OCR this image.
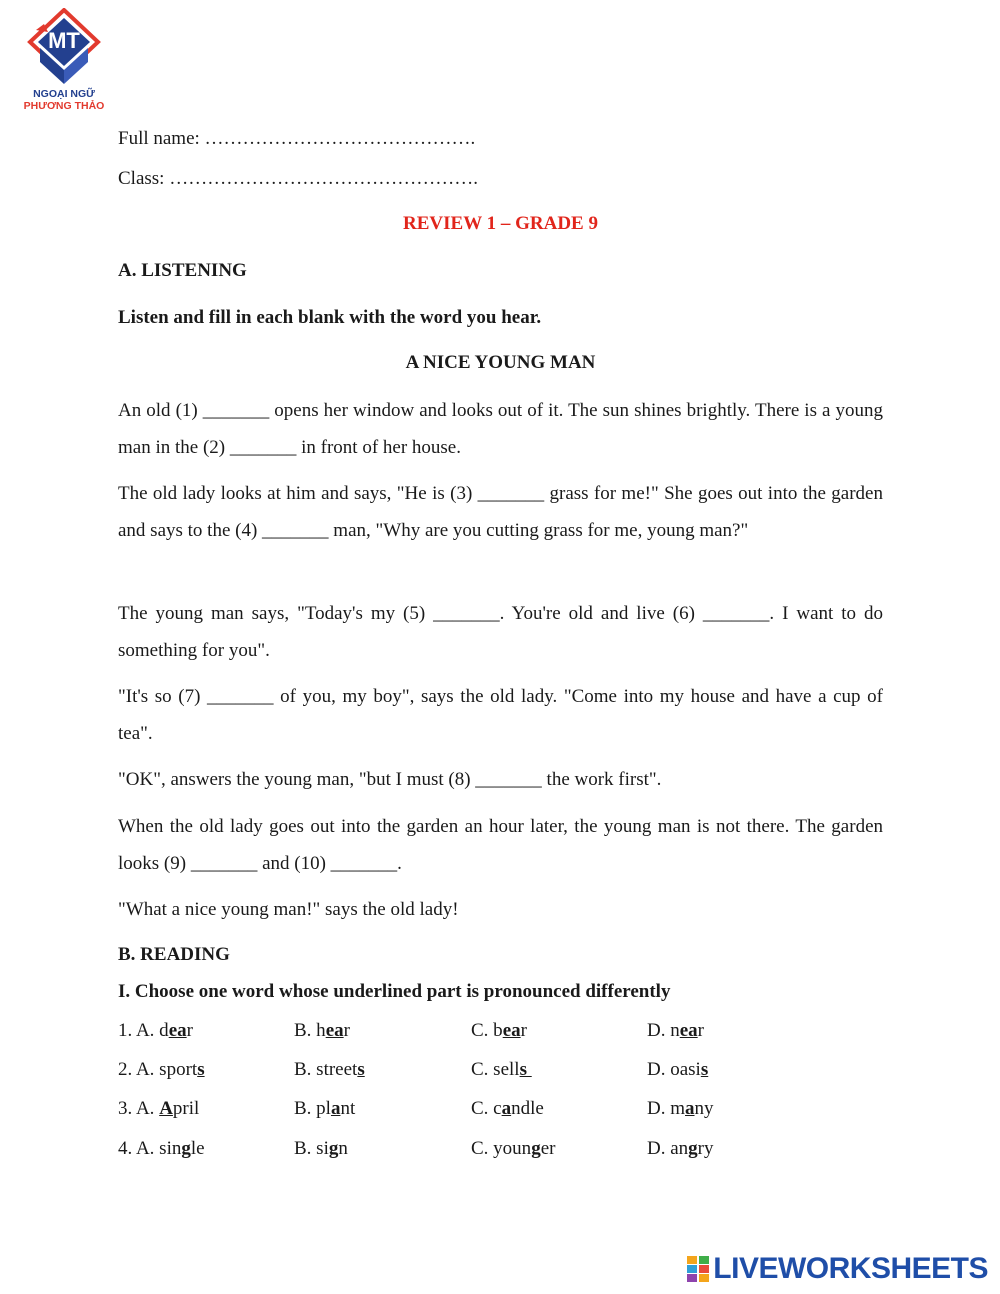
MT
NGOẠI NGỮ
PHƯƠNG THẢO
Full name: …………………………………….
Class: ………………………………………….
REVIEW 1 – GRADE 9
A. LISTENING
Listen and fill in each blank with the word you hear.
A NICE YOUNG MAN

An old (1) _______ opens her window and looks out of it. The sun shines brightly. There is a young man in the (2) _______ in front of her house.

The old lady looks at him and says, "He is (3) _______ grass for me!" She goes out into the garden and says to the (4) _______ man, "Why are you cutting grass for me, young man?"

The young man says, "Today's my (5) _______. You're old and live (6) _______. I want to do something for you".

"It's so (7) _______ of you, my boy", says the old lady. "Come into my house and have a cup of tea".

"OK", answers the young man, "but I must (8) _______ the work first".

When the old lady goes out into the garden an hour later, the young man is not there. The garden looks (9) _______ and (10) _______.

"What a nice young man!" says the old lady!

B. READING
I. Choose one word whose underlined part is pronounced differently
1. A. dear	B. hear	C. bear	D. near
2. A. sports	B. streets	C. sells	D. oasis
3. A. April	B. plant	C. candle	D. many
4. A. single	B. sign	C. younger	D. angry
LIVEWORKSHEETS
